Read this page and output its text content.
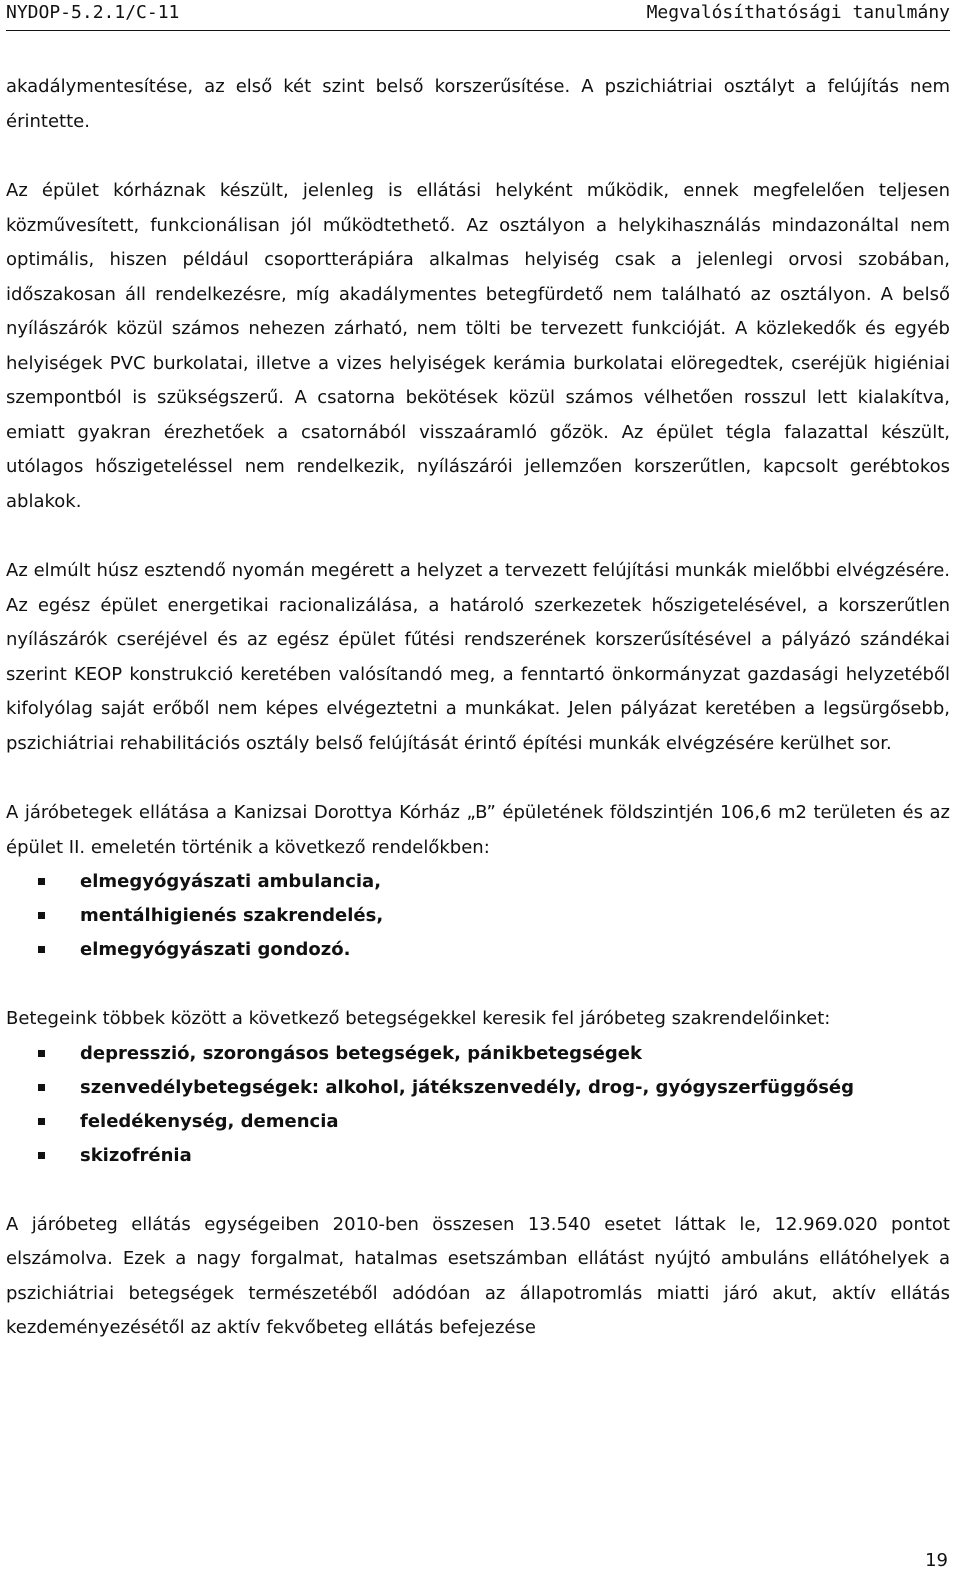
NYDOP-5.2.1/C-11	Megvalósíthatósági tanulmány

akadálymentesítése, az első két szint belső korszerűsítése. A pszichiátriai osztályt a felújítás nem érintette.

Az épület kórháznak készült, jelenleg is ellátási helyként működik, ennek megfelelően teljesen közművesített, funkcionálisan jól működtethető. Az osztályon a helykihasználás mindazonáltal nem optimális, hiszen például csoportterápiára alkalmas helyiség csak a jelenlegi orvosi szobában, időszakosan áll rendelkezésre, míg akadálymentes betegfürdető nem található az osztályon. A belső nyílászárók közül számos nehezen zárható, nem tölti be tervezett funkcióját. A közlekedők és egyéb helyiségek PVC burkolatai, illetve a vizes helyiségek kerámia burkolatai elöregedtek, cseréjük higiéniai szempontból is szükségszerű. A csatorna bekötések közül számos vélhetően rosszul lett kialakítva, emiatt gyakran érezhetőek a csatornából visszaáramló gőzök. Az épület tégla falazattal készült, utólagos hőszigeteléssel nem rendelkezik, nyílászárói jellemzően korszerűtlen, kapcsolt gerébtokos ablakok.

Az elmúlt húsz esztendő nyomán megérett a helyzet a tervezett felújítási munkák mielőbbi elvégzésére. Az egész épület energetikai racionalizálása, a határoló szerkezetek hőszigetelésével, a korszerűtlen nyílászárók cseréjével és az egész épület fűtési rendszerének korszerűsítésével a pályázó szándékai szerint KEOP konstrukció keretében valósítandó meg, a fenntartó önkormányzat gazdasági helyzetéből kifolyólag saját erőből nem képes elvégeztetni a munkákat. Jelen pályázat keretében a legsürgősebb, pszichiátriai rehabilitációs osztály belső felújítását érintő építési munkák elvégzésére kerülhet sor.

A járóbetegek ellátása a Kanizsai Dorottya Kórház „B” épületének földszintjén 106,6 m2 területen és az épület II. emeletén történik a következő rendelőkben:

elmegyógyászati ambulancia,
mentálhigienés szakrendelés,
elmegyógyászati gondozó.

Betegeink többek között a következő betegségekkel keresik fel járóbeteg szakrendelőinket:

depresszió, szorongásos betegségek, pánikbetegségek
szenvedélybetegségek: alkohol, játékszenvedély, drog-, gyógyszerfüggőség
feledékenység, demencia
skizofrénia

A járóbeteg ellátás egységeiben 2010-ben összesen 13.540 esetet láttak le, 12.969.020 pontot elszámolva. Ezek a nagy forgalmat, hatalmas esetszámban ellátást nyújtó ambuláns ellátóhelyek a pszichiátriai betegségek természetéből adódóan az állapotromlás miatti járó akut, aktív ellátás kezdeményezésétől az aktív fekvőbeteg ellátás befejezése

19
